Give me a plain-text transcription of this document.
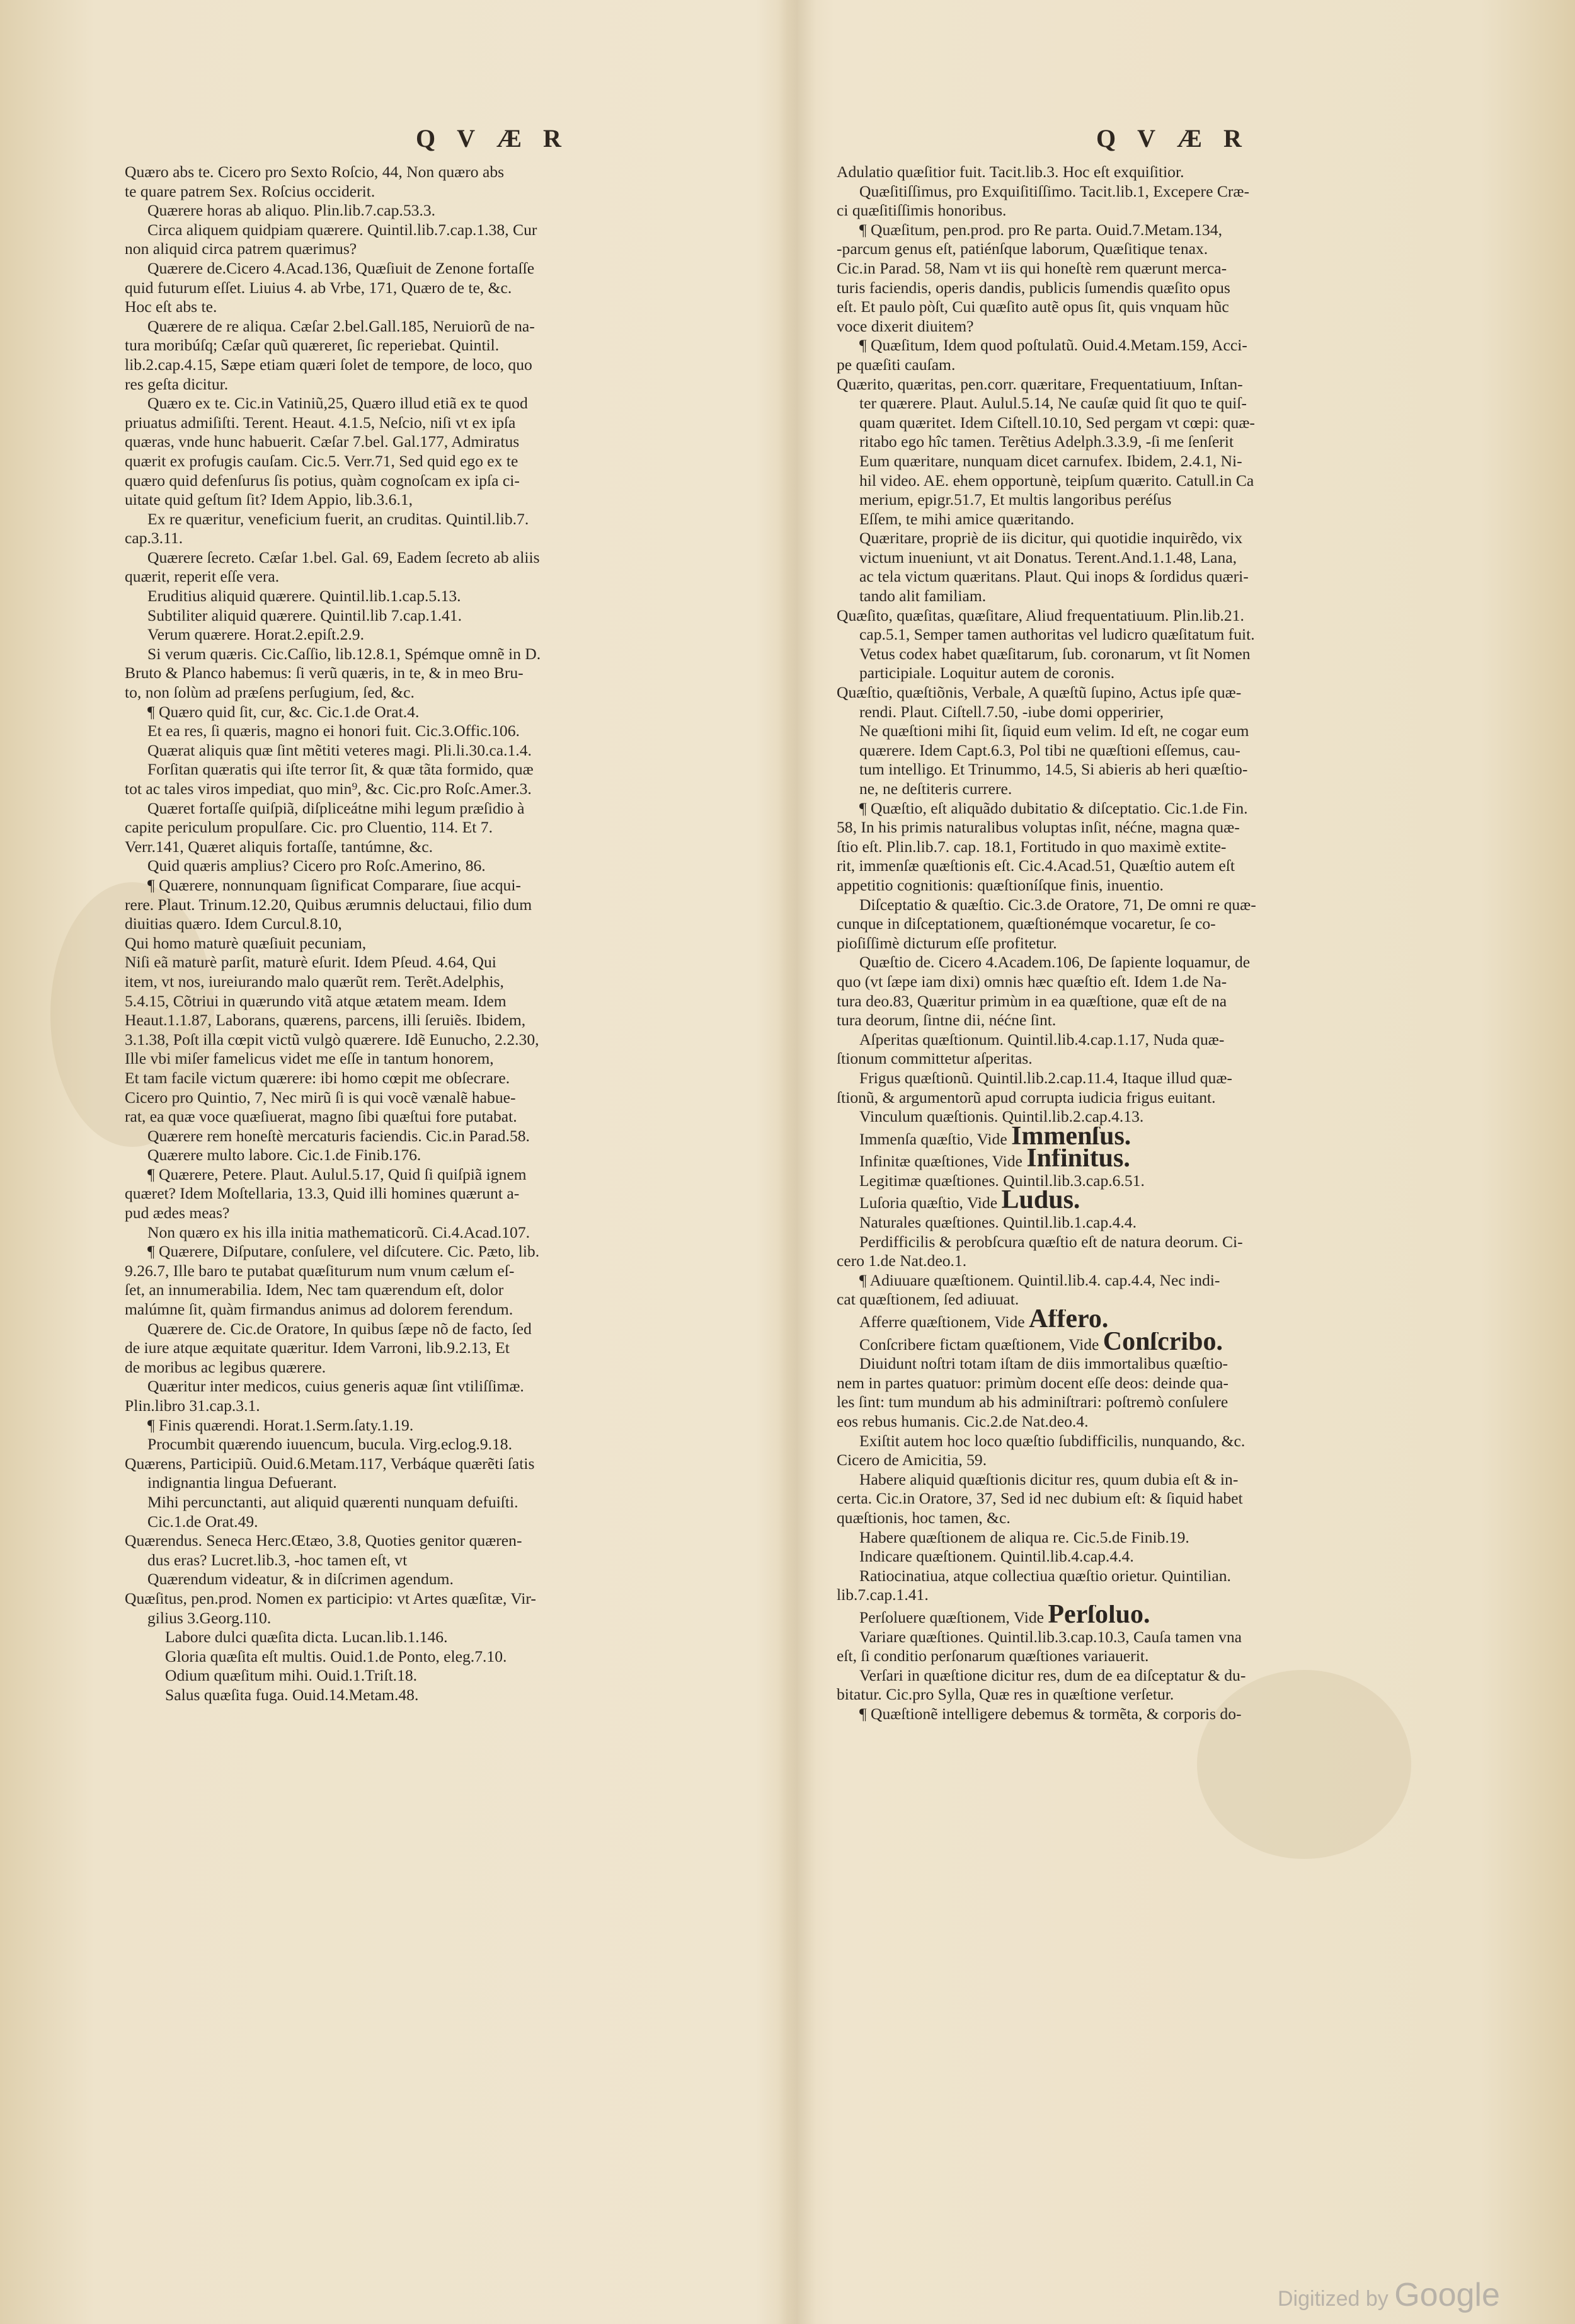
QVÆR	QVÆR

Quæro abs te. Cicero pro Sexto Roſcio, 44, Non quæro abs

te quare patrem Sex. Roſcius occiderit.

Quærere horas ab aliquo. Plin.lib.7.cap.53.3.

Circa aliquem quidpiam quærere. Quintil.lib.7.cap.1.38, Cur

non aliquid circa patrem quærimus?

Quærere de.Cicero 4.Acad.136, Quæſiuit de Zenone fortaſſe

quid futurum eſſet. Liuius 4. ab Vrbe, 171, Quæro de te, &c.

Hoc eſt abs te.

Quærere de re aliqua. Cæſar 2.bel.Gall.185, Neruiorũ de na-

tura moribúſq; Cæſar quũ quæreret, ſic reperiebat. Quintil.

lib.2.cap.4.15, Sæpe etiam quæri ſolet de tempore, de loco, quo

res geſta dicitur.

Quæro ex te. Cic.in Vatiniũ,25, Quæro illud etiã ex te quod

priuatus admiſiſti. Terent. Heaut. 4.1.5, Neſcio, niſi vt ex ipſa

quæras, vnde hunc habuerit. Cæſar 7.bel. Gal.177, Admiratus

quærit ex profugis cauſam. Cic.5. Verr.71, Sed quid ego ex te

quæro quid defenſurus ſis potius, quàm cognoſcam ex ipſa ci-

uitate quid geſtum ſit? Idem Appio, lib.3.6.1,

Ex re quæritur, veneficium fuerit, an cruditas. Quintil.lib.7.

cap.3.11.

Quærere ſecreto. Cæſar 1.bel. Gal. 69, Eadem ſecreto ab aliis

quærit, reperit eſſe vera.

Eruditius aliquid quærere. Quintil.lib.1.cap.5.13.

Subtiliter aliquid quærere. Quintil.lib 7.cap.1.41.

Verum quærere. Horat.2.epiſt.2.9.

Si verum quæris. Cic.Caſſio, lib.12.8.1, Spémque omnẽ in D.

Bruto & Planco habemus: ſi verũ quæris, in te, & in meo Bru-

to, non ſolùm ad præſens perſugium, ſed, &c.

¶ Quæro quid ſit, cur, &c. Cic.1.de Orat.4.

Et ea res, ſi quæris, magno ei honori fuit. Cic.3.Offic.106.

Quærat aliquis quæ ſint mẽtiti veteres magi. Pli.li.30.ca.1.4.

Forſitan quæratis qui iſte terror ſit, & quæ tãta formido, quæ

tot ac tales viros impediat, quo min⁹, &c. Cic.pro Roſc.Amer.3.

Quæret fortaſſe quiſpiã, diſpliceátne mihi legum præſidio à

capite periculum propulſare. Cic. pro Cluentio, 114. Et 7.

Verr.141, Quæret aliquis fortaſſe, tantúmne, &c.

Quid quæris amplius? Cicero pro Roſc.Amerino, 86.

¶ Quærere, nonnunquam ſignificat Comparare, ſiue acqui-

rere. Plaut. Trinum.12.20, Quibus ærumnis deluctaui, filio dum

diuitias quæro. Idem Curcul.8.10,

Qui homo maturè quæſiuit pecuniam,

Niſi eã maturè parſit, maturè eſurit. Idem Pſeud. 4.64, Qui

item, vt nos, iureiurando malo quærũt rem. Terẽt.Adelphis,

5.4.15, Cõtriui in quærundo vitã atque ætatem meam. Idem

Heaut.1.1.87, Laborans, quærens, parcens, illi ſeruiẽs. Ibidem,

3.1.38, Poſt illa cœpit victũ vulgò quærere. Idẽ Eunucho, 2.2.30,

Ille vbi miſer famelicus videt me eſſe in tantum honorem,

Et tam facile victum quærere: ibi homo cœpit me obſecrare.

Cicero pro Quintio, 7, Nec mirũ ſi is qui vocẽ vænalẽ habue-

rat, ea quæ voce quæſiuerat, magno ſibi quæſtui fore putabat.

Quærere rem honeſtè mercaturis faciendis. Cic.in Parad.58.

Quærere multo labore. Cic.1.de Finib.176.

¶ Quærere, Petere. Plaut. Aulul.5.17, Quid ſi quiſpiã ignem

quæret? Idem Moſtellaria, 13.3, Quid illi homines quærunt a-

pud ædes meas?

Non quæro ex his illa initia mathematicorũ. Ci.4.Acad.107.

¶ Quærere, Diſputare, conſulere, vel diſcutere. Cic. Pæto, lib.

9.26.7, Ille baro te putabat quæſiturum num vnum cælum eſ-

ſet, an innumerabilia. Idem, Nec tam quærendum eſt, dolor

malúmne ſit, quàm firmandus animus ad dolorem ferendum.

Quærere de. Cic.de Oratore, In quibus ſæpe nõ de facto, ſed

de iure atque æquitate quæritur. Idem Varroni, lib.9.2.13, Et

de moribus ac legibus quærere.

Quæritur inter medicos, cuius generis aquæ ſint vtiliſſimæ.

Plin.libro 31.cap.3.1.

¶ Finis quærendi. Horat.1.Serm.ſaty.1.19.

Procumbit quærendo iuuencum, bucula. Virg.eclog.9.18.

Quærens, Participiũ. Ouid.6.Metam.117, Verbáque quærẽti ſatis

indignantia lingua Defuerant.

Mihi percunctanti, aut aliquid quærenti nunquam defuiſti.

Cic.1.de Orat.49.

Quærendus. Seneca Herc.Œtæo, 3.8, Quoties genitor quæren-

dus eras? Lucret.lib.3, -hoc tamen eſt, vt

Quærendum videatur, & in diſcrimen agendum.

Quæſitus, pen.prod. Nomen ex participio: vt Artes quæſitæ, Vir-

gilius 3.Georg.110.

Labore dulci quæſita dicta. Lucan.lib.1.146.

Gloria quæſita eſt multis. Ouid.1.de Ponto, eleg.7.10.

Odium quæſitum mihi. Ouid.1.Triſt.18.

Salus quæſita fuga. Ouid.14.Metam.48.

Adulatio quæſitior fuit. Tacit.lib.3. Hoc eſt exquiſitior.

Quæſitiſſimus, pro Exquiſitiſſimo. Tacit.lib.1, Excepere Cræ-

ci quæſitiſſimis honoribus.

¶ Quæſitum, pen.prod. pro Re parta. Ouid.7.Metam.134,

-parcum genus eſt, patiénſque laborum, Quæſitique tenax.

Cic.in Parad. 58, Nam vt iis qui honeſtè rem quærunt merca-

turis faciendis, operis dandis, publicis ſumendis quæſito opus

eſt. Et paulo pòſt, Cui quæſito autẽ opus ſit, quis vnquam hũc

voce dixerit diuitem?

¶ Quæſitum, Idem quod poſtulatũ. Ouid.4.Metam.159, Acci-

pe quæſiti cauſam.

Quærito, quæritas, pen.corr. quæritare, Frequentatiuum, Inſtan-

ter quærere. Plaut. Aulul.5.14, Ne cauſæ quid ſit quo te quiſ-

quam quæritet. Idem Ciſtell.10.10, Sed pergam vt cœpi: quæ-

ritabo ego hîc tamen. Terẽtius Adelph.3.3.9, -ſi me ſenſerit

Eum quæritare, nunquam dicet carnufex. Ibidem, 2.4.1, Ni-

hil video. AE. ehem opportunè, teipſum quærito. Catull.in Ca

merium, epigr.51.7, Et multis langoribus peréſus

Eſſem, te mihi amice quæritando.

Quæritare, propriè de iis dicitur, qui quotidie inquirẽdo, vix

victum inueniunt, vt ait Donatus. Terent.And.1.1.48, Lana,

ac tela victum quæritans. Plaut. Qui inops & ſordidus quæri-

tando alit familiam.

Quæſito, quæſitas, quæſitare, Aliud frequentatiuum. Plin.lib.21.

cap.5.1, Semper tamen authoritas vel ludicro quæſitatum fuit.

Vetus codex habet quæſitarum, ſub. coronarum, vt ſit Nomen

participiale. Loquitur autem de coronis.

Quæſtio, quæſtiõnis, Verbale, A quæſtũ ſupino, Actus ipſe quæ-

rendi. Plaut. Ciſtell.7.50, -iube domi opperirier,

Ne quæſtioni mihi ſit, ſiquid eum velim. Id eſt, ne cogar eum

quærere. Idem Capt.6.3, Pol tibi ne quæſtioni eſſemus, cau-

tum intelligo. Et Trinummo, 14.5, Si abieris ab heri quæſtio-

ne, ne deſtiteris currere.

¶ Quæſtio, eſt aliquãdo dubitatio & diſceptatio. Cic.1.de Fin.

58, In his primis naturalibus voluptas inſit, néćne, magna quæ-

ſtio eſt. Plin.lib.7. cap. 18.1, Fortitudo in quo maximè extite-

rit, immenſæ quæſtionis eſt. Cic.4.Acad.51, Quæſtio autem eſt

appetitio cognitionis: quæſtioníſque finis, inuentio.

Diſceptatio & quæſtio. Cic.3.de Oratore, 71, De omni re quæ-

cunque in diſceptationem, quæſtionémque vocaretur, ſe co-

pioſiſſimè dicturum eſſe profitetur.

Quæſtio de. Cicero 4.Academ.106, De ſapiente loquamur, de

quo (vt ſæpe iam dixi) omnis hæc quæſtio eſt. Idem 1.de Na-

tura deo.83, Quæritur primùm in ea quæſtione, quæ eſt de na

tura deorum, ſintne dii, néćne ſint.

Aſperitas quæſtionum. Quintil.lib.4.cap.1.17, Nuda quæ-

ſtionum committetur aſperitas.

Frigus quæſtionũ. Quintil.lib.2.cap.11.4, Itaque illud quæ-

ſtionũ, & argumentorũ apud corrupta iudicia frigus euitant.

Vinculum quæſtionis. Quintil.lib.2.cap.4.13.

Immenſa quæſtio, Vide Immenſus.

Infinitæ quæſtiones, Vide Infinitus.

Legitimæ quæſtiones. Quintil.lib.3.cap.6.51.

Luſoria quæſtio, Vide Ludus.

Naturales quæſtiones. Quintil.lib.1.cap.4.4.

Perdifficilis & perobſcura quæſtio eſt de natura deorum. Ci-

cero 1.de Nat.deo.1.

¶ Adiuuare quæſtionem. Quintil.lib.4. cap.4.4, Nec indi-

cat quæſtionem, ſed adiuuat.

Afferre quæſtionem, Vide Affero.

Conſcribere fictam quæſtionem, Vide Conſcribo.

Diuidunt noſtri totam iſtam de diis immortalibus quæſtio-

nem in partes quatuor: primùm docent eſſe deos: deinde qua-

les ſint: tum mundum ab his adminiſtrari: poſtremò conſulere

eos rebus humanis. Cic.2.de Nat.deo.4.

Exiſtit autem hoc loco quæſtio ſubdifficilis, nunquando, &c.

Cicero de Amicitia, 59.

Habere aliquid quæſtionis dicitur res, quum dubia eſt & in-

certa. Cic.in Oratore, 37, Sed id nec dubium eſt: & ſiquid habet

quæſtionis, hoc tamen, &c.

Habere quæſtionem de aliqua re. Cic.5.de Finib.19.

Indicare quæſtionem. Quintil.lib.4.cap.4.4.

Ratiocinatiua, atque collectiua quæſtio orietur. Quintilian.

lib.7.cap.1.41.

Perſoluere quæſtionem, Vide Perſoluo.

Variare quæſtiones. Quintil.lib.3.cap.10.3, Cauſa tamen vna

eſt, ſi conditio perſonarum quæſtiones variauerit.

Verſari in quæſtione dicitur res, dum de ea diſceptatur & du-

bitatur. Cic.pro Sylla, Quæ res in quæſtione verſetur.

¶ Quæſtionẽ intelligere debemus & tormẽta, & corporis do-

Digitized by Google
